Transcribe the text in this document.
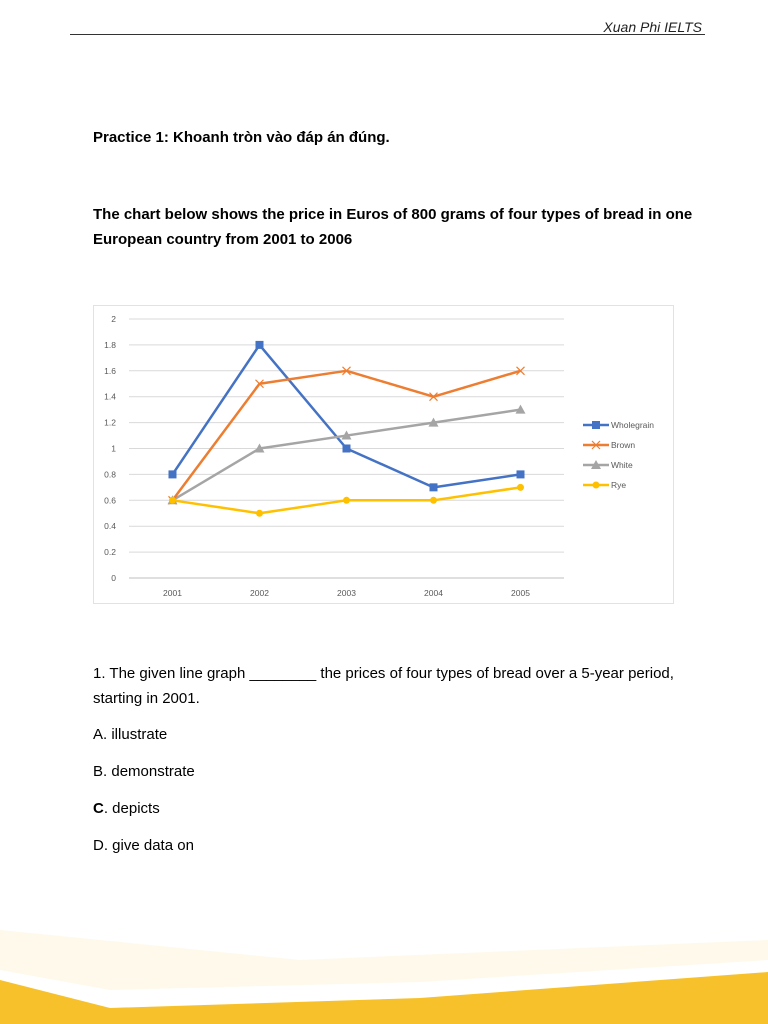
Xuan Phi IELTS
Practice 1: Khoanh tròn vào đáp án đúng.
The chart below shows the price in Euros of 800 grams of four types of bread in one European country from 2001 to 2006
0
0.2
0.4
0.6
0.8
1
1.2
1.4
1.6
1.8
2
2001	2002	2003	2004	2005
Wholegrain
Brown
White
Rye
1. The given line graph ________ the prices of four types of bread over a 5-year period, starting in 2001.
A. illustrate
B. demonstrate
C. depicts
D. give data on
